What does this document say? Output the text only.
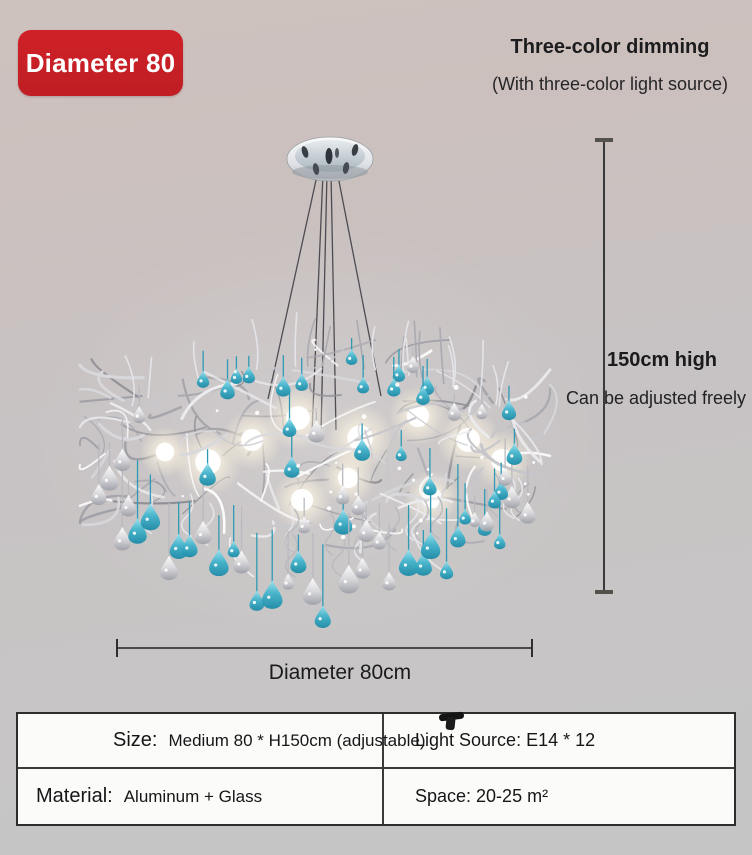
Diameter 80
Three-color dimming
(With three-color light source)
150cm high
Can be adjusted freely
Diameter 80cm
Size: Medium 80 * H150cm (adjustable)
Light Source: E14 * 12
Material: Aluminum + Glass	Space: 20-25 m²
